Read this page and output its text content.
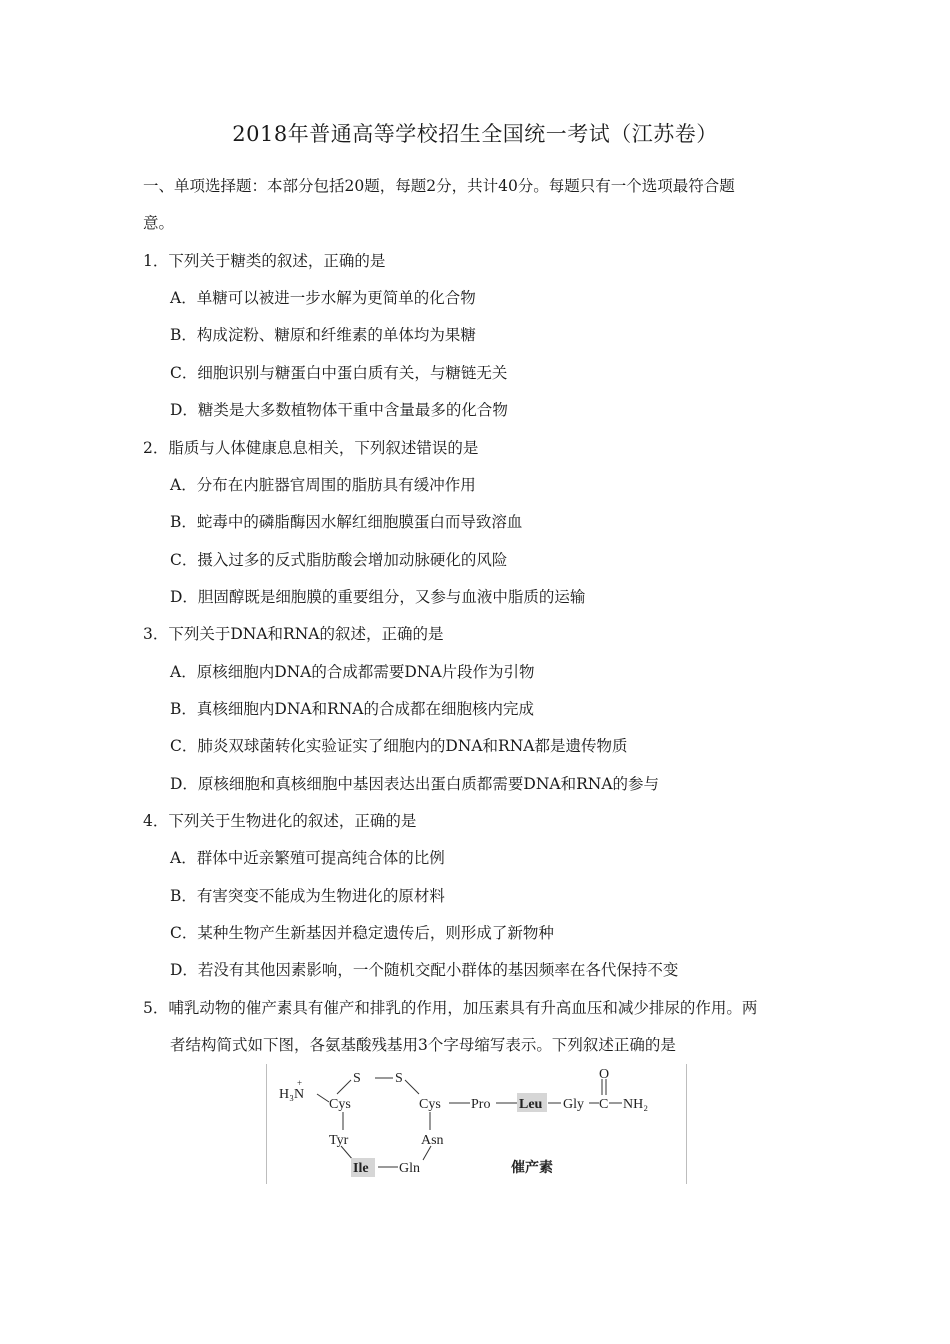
2018年普通高等学校招生全国统一考试（江苏卷）
一、单项选择题：本部分包括20题，每题2分，共计40分。每题只有一个选项最符合题
意。
1．下列关于糖类的叙述，正确的是
A．单糖可以被进一步水解为更简单的化合物
B．构成淀粉、糖原和纤维素的单体均为果糖
C．细胞识别与糖蛋白中蛋白质有关，与糖链无关
D．糖类是大多数植物体干重中含量最多的化合物
2．脂质与人体健康息息相关，下列叙述错误的是
A．分布在内脏器官周围的脂肪具有缓冲作用
B．蛇毒中的磷脂酶因水解红细胞膜蛋白而导致溶血
C．摄入过多的反式脂肪酸会增加动脉硬化的风险
D．胆固醇既是细胞膜的重要组分，又参与血液中脂质的运输
3．下列关于DNA和RNA的叙述，正确的是
A．原核细胞内DNA的合成都需要DNA片段作为引物
B．真核细胞内DNA和RNA的合成都在细胞核内完成
C．肺炎双球菌转化实验证实了细胞内的DNA和RNA都是遗传物质
D．原核细胞和真核细胞中基因表达出蛋白质都需要DNA和RNA的参与
4．下列关于生物进化的叙述，正确的是
A．群体中近亲繁殖可提高纯合体的比例
B．有害突变不能成为生物进化的原材料
C．某种生物产生新基因并稳定遗传后，则形成了新物种
D．若没有其他因素影响，一个随机交配小群体的基因频率在各代保持不变
5．哺乳动物的催产素具有催产和排乳的作用，加压素具有升高血压和减少排尿的作用。两
者结构简式如下图，各氨基酸残基用3个字母缩写表示。下列叙述正确的是
H₃N
+	S S
Cys	Cys Pro Leu Gly C
O
NH₂
Tyr	Asn
Ile Gln	催产素
